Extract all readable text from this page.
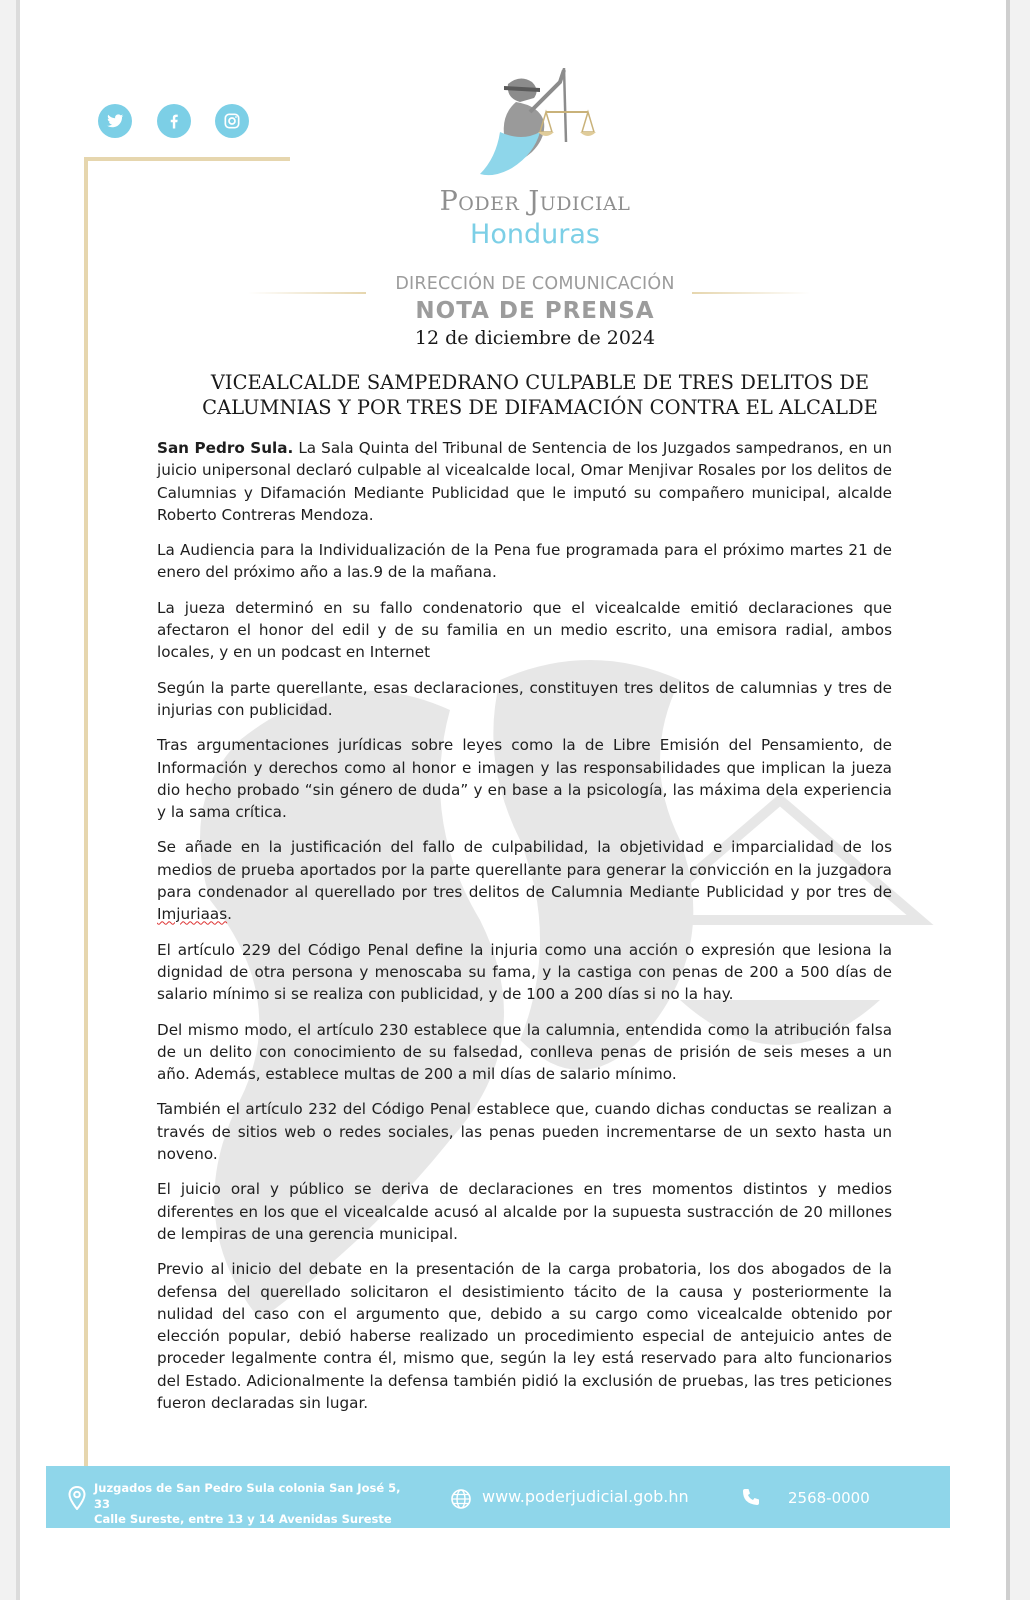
Poder Judicial
Honduras
DIRECCIÓN DE COMUNICACIÓN
NOTA DE PRENSA
12 de diciembre de 2024
VICEALCALDE SAMPEDRANO CULPABLE DE TRES DELITOS DE
CALUMNIAS Y POR TRES DE DIFAMACIÓN CONTRA EL ALCALDE

San Pedro Sula. La Sala Quinta del Tribunal de Sentencia de los Juzgados sampedranos, en un juicio unipersonal declaró culpable al vicealcalde local, Omar Menjivar Rosales por los delitos de Calumnias y Difamación Mediante Publicidad que le imputó su compañero municipal, alcalde Roberto Contreras Mendoza.

La Audiencia para la Individualización de la Pena fue programada para el próximo martes 21 de enero del próximo año a las.9 de la mañana.

La jueza determinó en su fallo condenatorio que el vicealcalde emitió declaraciones que afectaron el honor del edil y de su familia en un medio escrito, una emisora radial, ambos locales, y en un podcast en Internet

Según la parte querellante, esas declaraciones, constituyen tres delitos de calumnias y tres de injurias con publicidad.

Tras argumentaciones jurídicas sobre leyes como la de Libre Emisión del Pensamiento, de Información y derechos como al honor e imagen y las responsabilidades que implican la jueza dio hecho probado “sin género de duda” y en base a la psicología, las máxima dela experiencia y la sama crítica.

Se añade en la justificación del fallo de culpabilidad, la objetividad e imparcialidad de los medios de prueba aportados por la parte querellante para generar la convicción en la juzgadora para condenador al querellado por tres delitos de Calumnia Mediante Publicidad y por tres de Imjuriaas.

El artículo 229 del Código Penal define la injuria como una acción o expresión que lesiona la dignidad de otra persona y menoscaba su fama, y la castiga con penas de 200 a 500 días de salario mínimo si se realiza con publicidad, y de 100 a 200 días si no la hay.

Del mismo modo, el artículo 230 establece que la calumnia, entendida como la atribución falsa de un delito con conocimiento de su falsedad, conlleva penas de prisión de seis meses a un año. Además, establece multas de 200 a mil días de salario mínimo.

También el artículo 232 del Código Penal establece que, cuando dichas conductas se realizan a través de sitios web o redes sociales, las penas pueden incrementarse de un sexto hasta un noveno.

El juicio oral y público se deriva de declaraciones en tres momentos distintos y medios diferentes en los que el vicealcalde acusó al alcalde por la supuesta sustracción de 20 millones de lempiras de una gerencia municipal.

Previo al inicio del debate en la presentación de la carga probatoria, los dos abogados de la defensa del querellado solicitaron el desistimiento tácito de la causa y posteriormente la nulidad del caso con el argumento que, debido a su cargo como vicealcalde obtenido por elección popular, debió haberse realizado un procedimiento especial de antejuicio antes de proceder legalmente contra él, mismo que, según la ley está reservado para alto funcionarios del Estado. Adicionalmente la defensa también pidió la exclusión de pruebas, las tres peticiones fueron declaradas sin lugar.

Juzgados de San Pedro Sula colonia San José 5, 33
Calle Sureste, entre 13 y 14 Avenidas Sureste
www.poderjudicial.gob.hn	2568-0000
